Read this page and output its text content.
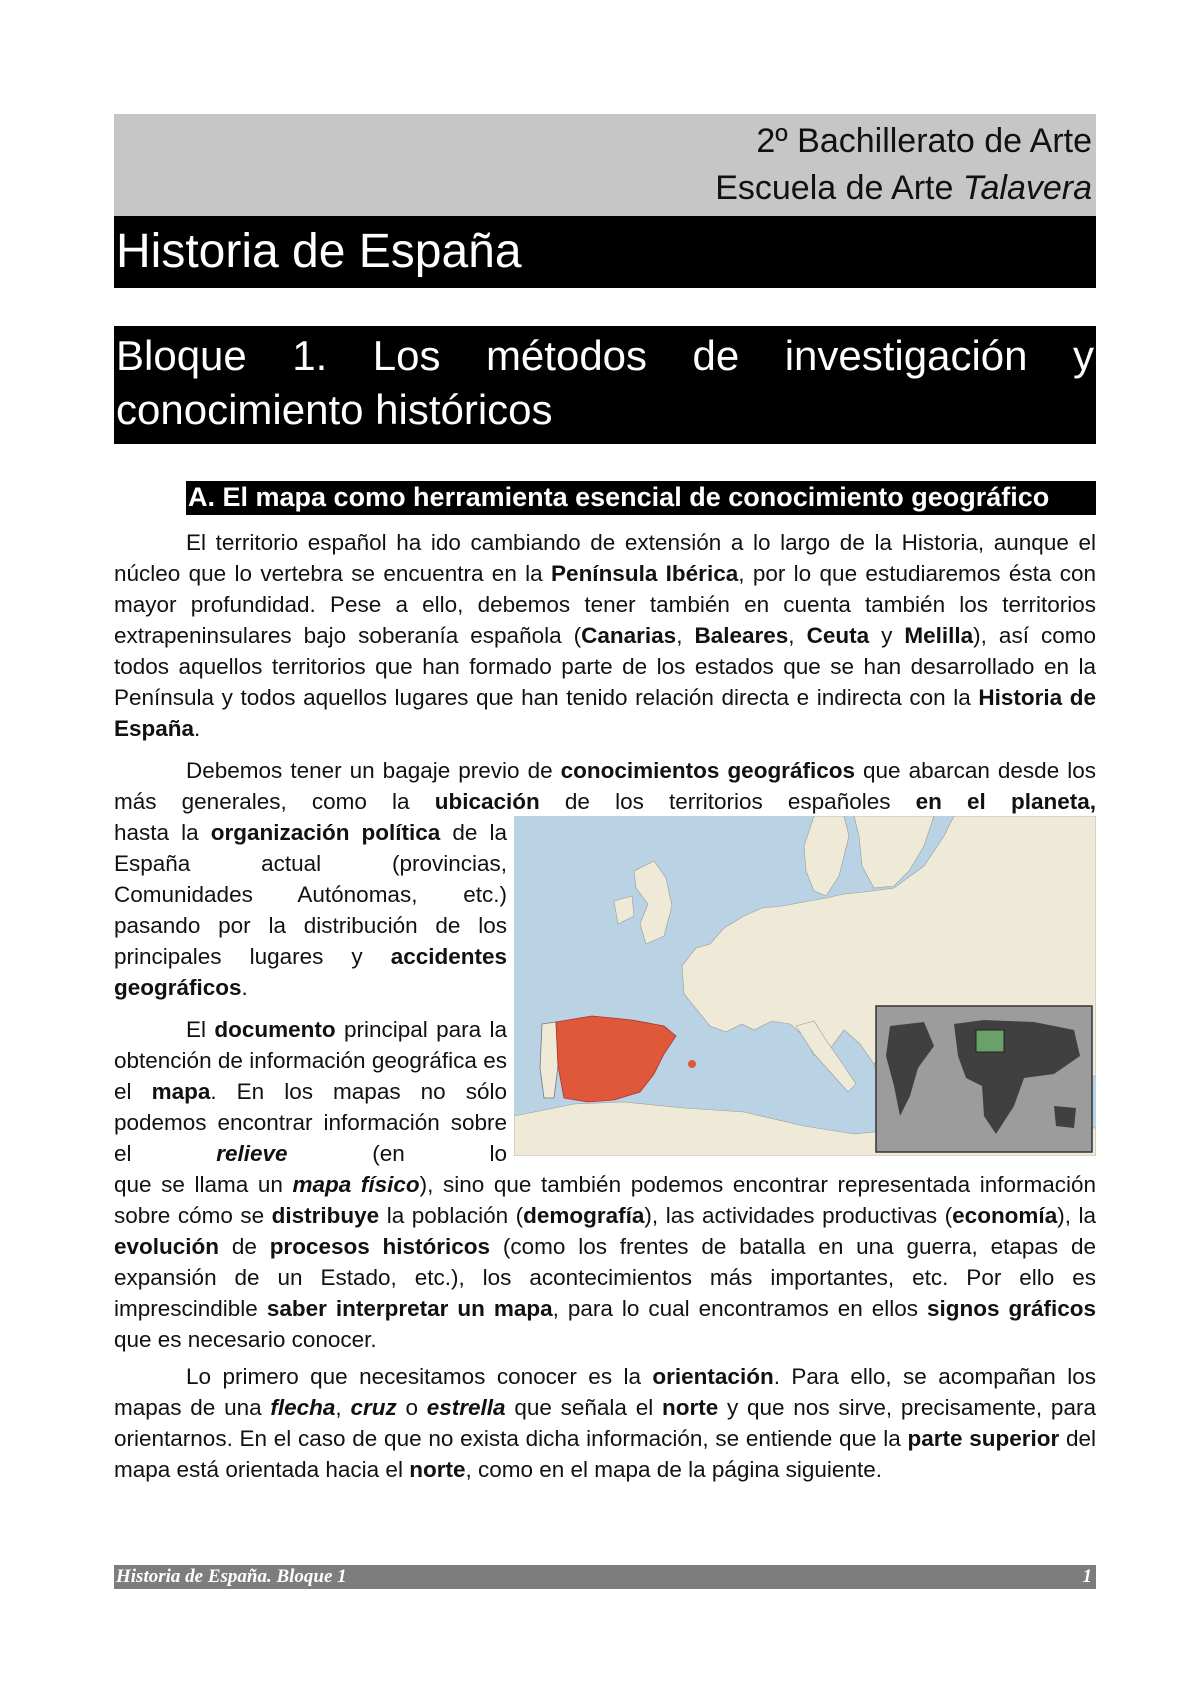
2º Bachillerato de Arte
Escuela de Arte Talavera
Historia de España
Bloque 1. Los métodos de investigación y
conocimiento históricos
A. El mapa como herramienta esencial de conocimiento geográfico

El territorio español ha ido cambiando de extensión a lo largo de la Historia, aunque el núcleo que lo vertebra se encuentra en la Península Ibérica, por lo que estudiaremos ésta con mayor profundidad. Pese a ello, debemos tener también en cuenta también los territorios extrapeninsulares bajo soberanía española (Canarias, Baleares, Ceuta y Melilla), así como todos aquellos territorios que han formado parte de los estados que se han desarrollado en la Península y todos aquellos lugares que han tenido relación directa e indirecta con la Historia de España.

Debemos tener un bagaje previo de conocimientos geográficos que abarcan desde los más generales, como la ubicación de los territorios españoles en el planeta,

hasta la organización política de la España actual (provincias, Comunidades Autónomas, etc.) pasando por la distribución de los principales lugares y accidentes geográficos.

El documento principal para la obtención de información geográfica es el mapa. En los mapas no sólo podemos encontrar información sobre el relieve (en lo

que se llama un mapa físico), sino que también podemos encontrar representada información sobre cómo se distribuye la población (demografía), las actividades productivas (economía), la evolución de procesos históricos (como los frentes de batalla en una guerra, etapas de expansión de un Estado, etc.), los acontecimientos más importantes, etc. Por ello es imprescindible saber interpretar un mapa, para lo cual encontramos en ellos signos gráficos que es necesario conocer.

Lo primero que necesitamos conocer es la orientación. Para ello, se acompañan los mapas de una flecha, cruz o estrella que señala el norte y que nos sirve, precisamente, para orientarnos. En el caso de que no exista dicha información, se entiende que la parte superior del mapa está orientada hacia el norte, como en el mapa de la página siguiente.

Historia de España. Bloque 1	1
